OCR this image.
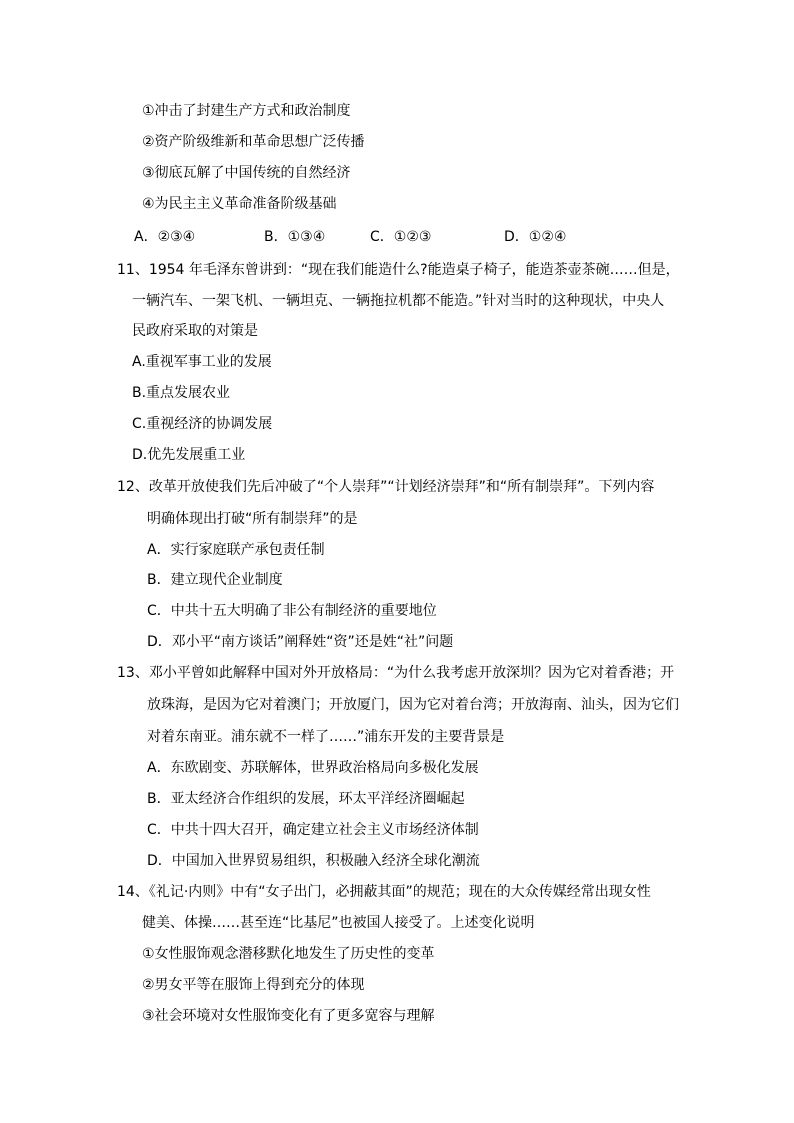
①冲击了封建生产方式和政治制度
②资产阶级维新和革命思想广泛传播
③彻底瓦解了中国传统的自然经济
④为民主主义革命准备阶级基础
A．②③④	B．①③④	C．①②③	D．①②④
11、1954 年毛泽东曾讲到：“现在我们能造什么?能造桌子椅子，能造茶壶茶碗……但是，
一辆汽车、一架飞机、一辆坦克、一辆拖拉机都不能造。”针对当时的这种现状，中央人
民政府采取的对策是
A.重视军事工业的发展
B.重点发展农业
C.重视经济的协调发展
D.优先发展重工业
12、改革开放使我们先后冲破了“个人崇拜”“计划经济崇拜”和“所有制崇拜”。下列内容
明确体现出打破“所有制崇拜”的是
A．实行家庭联产承包责任制
B．建立现代企业制度
C．中共十五大明确了非公有制经济的重要地位
D．邓小平“南方谈话”阐释姓“资”还是姓“社”问题
13、邓小平曾如此解释中国对外开放格局：“为什么我考虑开放深圳？因为它对着香港；开
放珠海，是因为它对着澳门；开放厦门，因为它对着台湾；开放海南、汕头，因为它们
对着东南亚。浦东就不一样了……”浦东开发的主要背景是
A．东欧剧变、苏联解体，世界政治格局向多极化发展
B．亚太经济合作组织的发展，环太平洋经济圈崛起
C．中共十四大召开，确定建立社会主义市场经济体制
D．中国加入世界贸易组织，积极融入经济全球化潮流
14、《礼记·内则》中有“女子出门，必拥蔽其面”的规范；现在的大众传媒经常出现女性
健美、体操……甚至连“比基尼”也被国人接受了。上述变化说明
①女性服饰观念潜移默化地发生了历史性的变革
②男女平等在服饰上得到充分的体现
③社会环境对女性服饰变化有了更多宽容与理解
